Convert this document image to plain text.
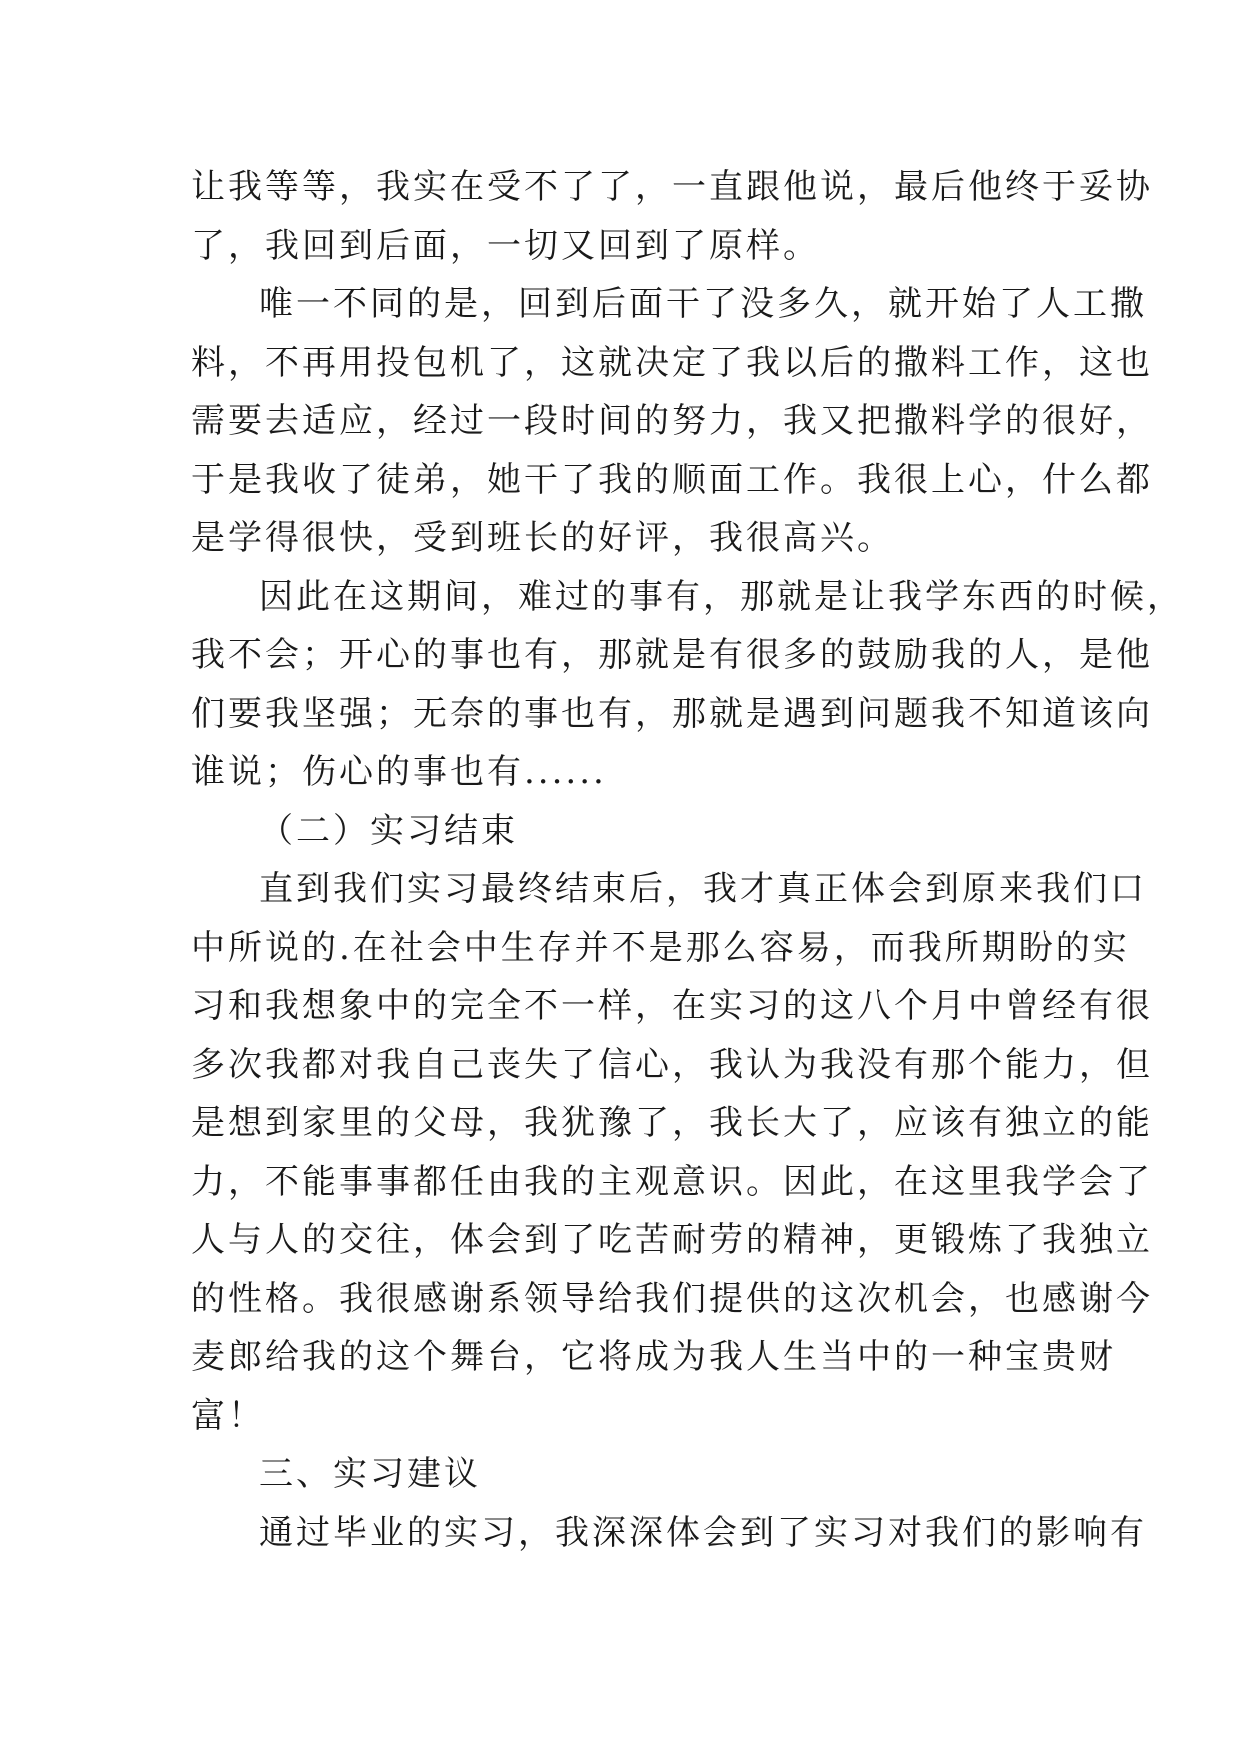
让我等等，我实在受不了了，一直跟他说，最后他终于妥协
了，我回到后面，一切又回到了原样。
唯一不同的是，回到后面干了没多久，就开始了人工撒
料，不再用投包机了，这就决定了我以后的撒料工作，这也
需要去适应，经过一段时间的努力，我又把撒料学的很好，
于是我收了徒弟，她干了我的顺面工作。我很上心，什么都
是学得很快，受到班长的好评，我很高兴。
因此在这期间，难过的事有，那就是让我学东西的时候，
我不会；开心的事也有，那就是有很多的鼓励我的人，是他
们要我坚强；无奈的事也有，那就是遇到问题我不知道该向
谁说；伤心的事也有......
（二）实习结束
直到我们实习最终结束后，我才真正体会到原来我们口
中所说的.在社会中生存并不是那么容易，而我所期盼的实
习和我想象中的完全不一样，在实习的这八个月中曾经有很
多次我都对我自己丧失了信心，我认为我没有那个能力，但
是想到家里的父母，我犹豫了，我长大了，应该有独立的能
力，不能事事都任由我的主观意识。因此，在这里我学会了
人与人的交往，体会到了吃苦耐劳的精神，更锻炼了我独立
的性格。我很感谢系领导给我们提供的这次机会，也感谢今
麦郎给我的这个舞台，它将成为我人生当中的一种宝贵财
富！
三、实习建议
通过毕业的实习，我深深体会到了实习对我们的影响有
